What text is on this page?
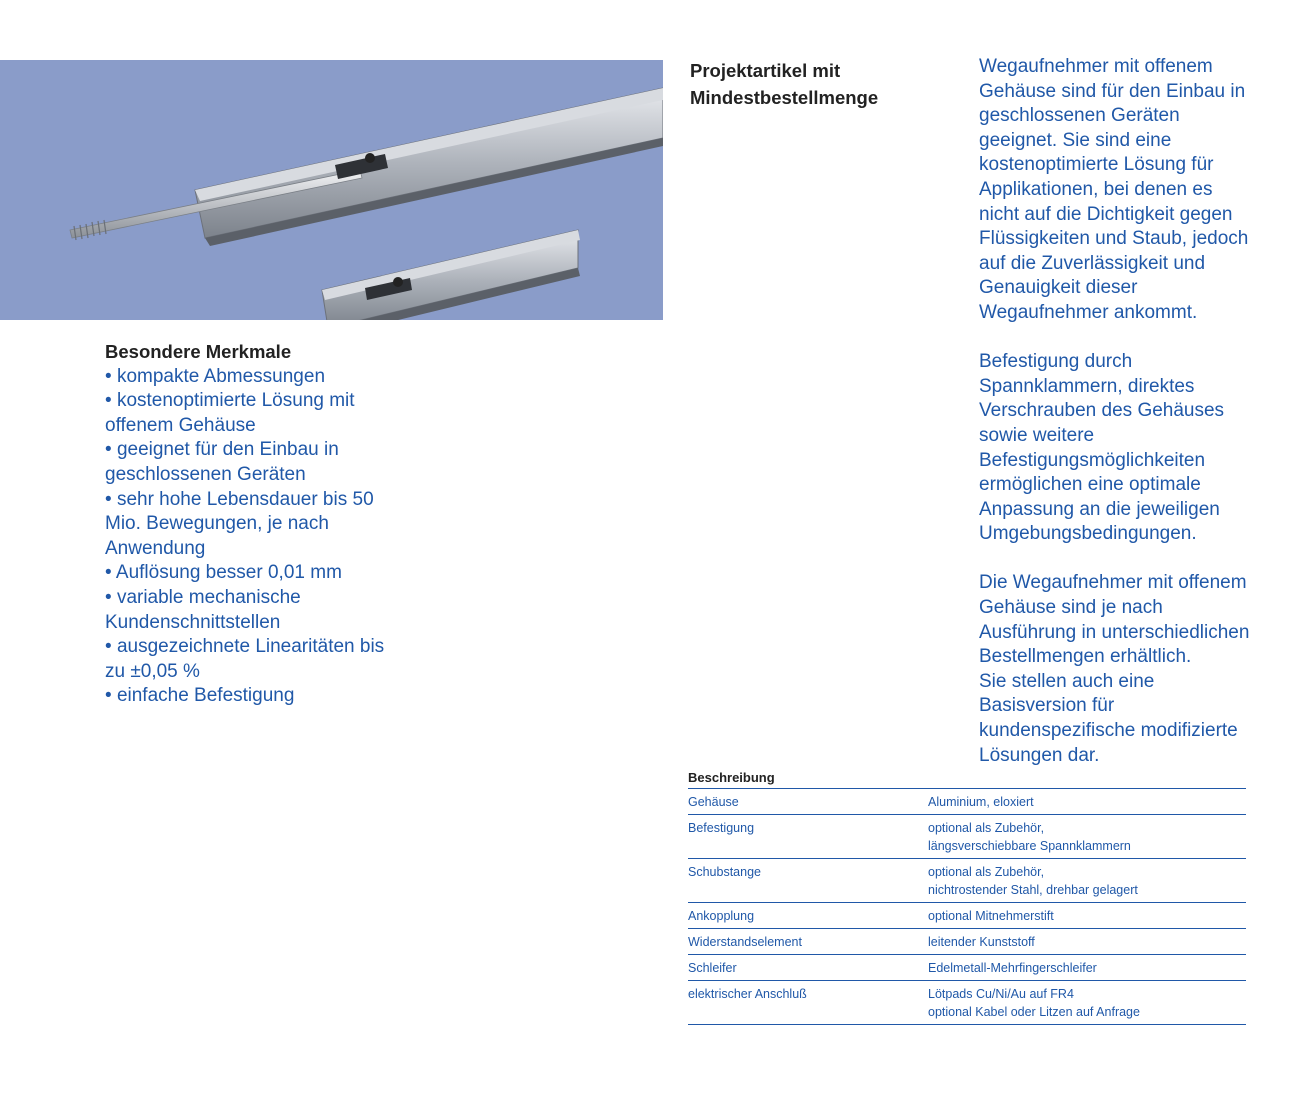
Besondere Merkmale
• kompakte Abmessungen
• kostenoptimierte Lösung mit offenem Gehäuse
• geeignet für den Einbau in geschlossenen Geräten
• sehr hohe Lebensdauer bis 50 Mio. Bewegungen, je nach Anwendung
• Auflösung besser 0,01 mm
• variable mechanische Kundenschnittstellen
• ausgezeichnete Linearitäten bis zu ±0,05 %
• einfache Befestigung
Projektartikel mit Mindestbestellmenge

Wegaufnehmer mit offenem Gehäuse sind für den Einbau in geschlossenen Geräten geeignet. Sie sind eine kostenoptimierte Lösung für Applikationen, bei denen es nicht auf die Dichtigkeit gegen Flüssigkeiten und Staub, jedoch auf die Zuverlässigkeit und Genauigkeit dieser Wegaufnehmer ankommt.

Befestigung durch Spannklammern, direktes Verschrauben des Gehäuses sowie weitere Befestigungsmöglichkeiten ermöglichen eine optimale Anpassung an die jeweiligen Umgebungsbedingungen.

Die Wegaufnehmer mit offenem Gehäuse sind je nach Ausführung in unterschiedlichen Bestellmengen erhältlich.

Sie stellen auch eine Basisversion für kundenspezifische modifizierte Lösungen dar.

Beschreibung
Gehäuse	Aluminium, eloxiert
Befestigung	optional als Zubehör,
längsverschiebbare Spannklammern
Schubstange	optional als Zubehör,
nichtrostender Stahl, drehbar gelagert
Ankopplung	optional Mitnehmerstift
Widerstandselement	leitender Kunststoff
Schleifer	Edelmetall-Mehrfingerschleifer
elektrischer Anschluß	Lötpads Cu/Ni/Au auf FR4
optional Kabel oder Litzen auf Anfrage
